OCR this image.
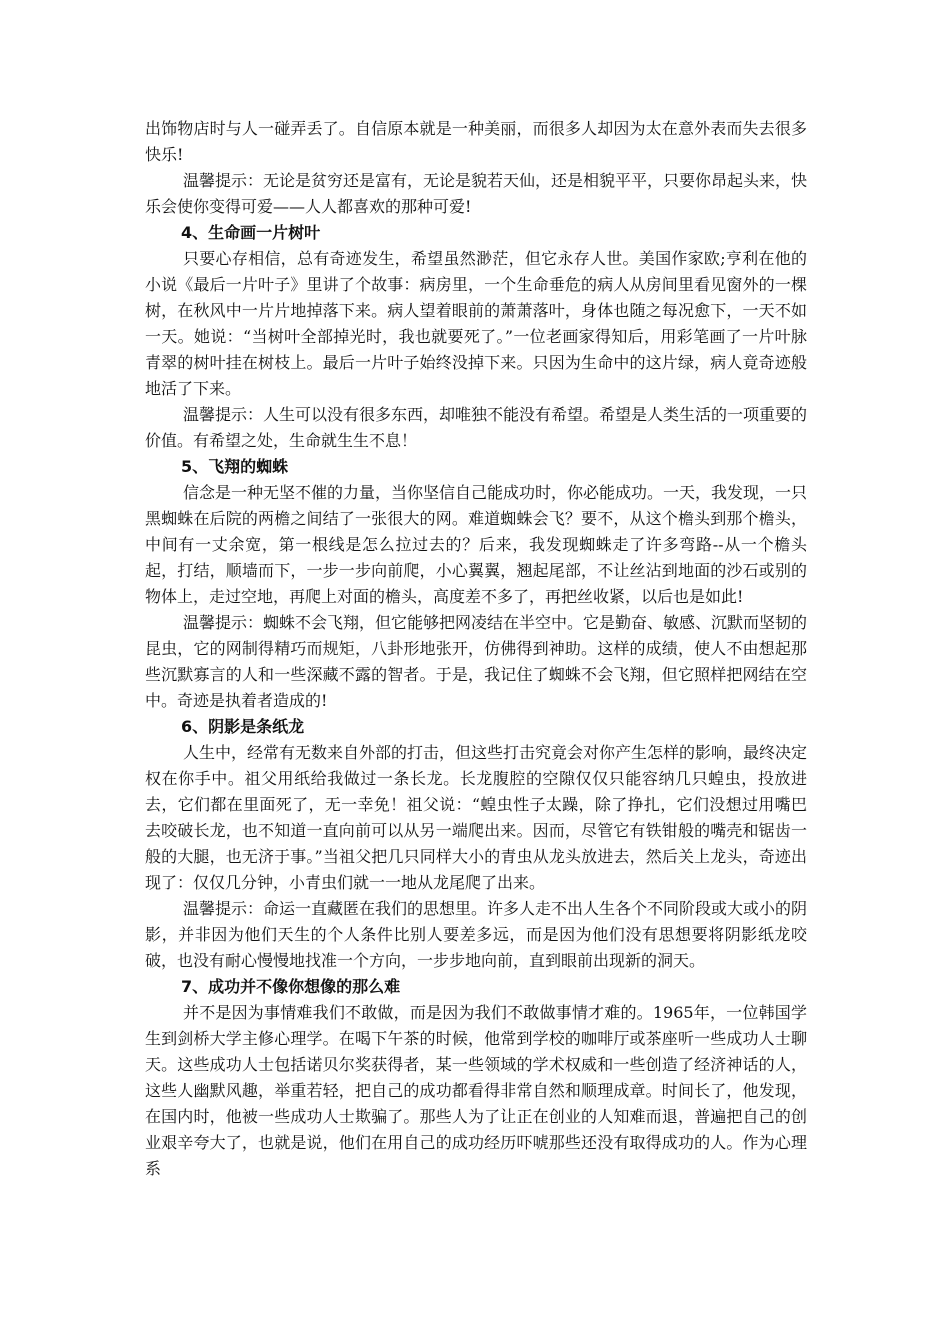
出饰物店时与人一碰弄丢了。自信原本就是一种美丽，而很多人却因为太在意外表而失去很多快乐!

温馨提示：无论是贫穷还是富有，无论是貌若天仙，还是相貌平平，只要你昂起头来，快乐会使你变得可爱——人人都喜欢的那种可爱!

4、生命画一片树叶

只要心存相信，总有奇迹发生，希望虽然渺茫，但它永存人世。美国作家欧;亨利在他的小说《最后一片叶子》里讲了个故事：病房里，一个生命垂危的病人从房间里看见窗外的一棵树，在秋风中一片片地掉落下来。病人望着眼前的萧萧落叶，身体也随之每况愈下，一天不如一天。她说：“当树叶全部掉光时，我也就要死了。”一位老画家得知后，用彩笔画了一片叶脉青翠的树叶挂在树枝上。最后一片叶子始终没掉下来。只因为生命中的这片绿，病人竟奇迹般地活了下来。

温馨提示：人生可以没有很多东西，却唯独不能没有希望。希望是人类生活的一项重要的价值。有希望之处，生命就生生不息！

5、飞翔的蜘蛛

信念是一种无坚不催的力量，当你坚信自己能成功时，你必能成功。一天，我发现，一只黑蜘蛛在后院的两檐之间结了一张很大的网。难道蜘蛛会飞？要不，从这个檐头到那个檐头，中间有一丈余宽，第一根线是怎么拉过去的？后来，我发现蜘蛛走了许多弯路--从一个檐头起，打结，顺墙而下，一步一步向前爬，小心翼翼，翘起尾部，不让丝沾到地面的沙石或别的物体上，走过空地，再爬上对面的檐头，高度差不多了，再把丝收紧，以后也是如此!

温馨提示：蜘蛛不会飞翔，但它能够把网凌结在半空中。它是勤奋、敏感、沉默而坚韧的昆虫，它的网制得精巧而规矩，八卦形地张开，仿佛得到神助。这样的成绩，使人不由想起那些沉默寡言的人和一些深藏不露的智者。于是，我记住了蜘蛛不会飞翔，但它照样把网结在空中。奇迹是执着者造成的!

6、阴影是条纸龙

人生中，经常有无数来自外部的打击，但这些打击究竟会对你产生怎样的影响，最终决定权在你手中。祖父用纸给我做过一条长龙。长龙腹腔的空隙仅仅只能容纳几只蝗虫，投放进去，它们都在里面死了，无一幸免！祖父说：“蝗虫性子太躁，除了挣扎，它们没想过用嘴巴去咬破长龙，也不知道一直向前可以从另一端爬出来。因而，尽管它有铁钳般的嘴壳和锯齿一般的大腿，也无济于事。”当祖父把几只同样大小的青虫从龙头放进去，然后关上龙头，奇迹出现了：仅仅几分钟，小青虫们就一一地从龙尾爬了出来。

温馨提示：命运一直藏匿在我们的思想里。许多人走不出人生各个不同阶段或大或小的阴影，并非因为他们天生的个人条件比别人要差多远，而是因为他们没有思想要将阴影纸龙咬破，也没有耐心慢慢地找准一个方向，一步步地向前，直到眼前出现新的洞天。

7、成功并不像你想像的那么难

并不是因为事情难我们不敢做，而是因为我们不敢做事情才难的。1965年，一位韩国学生到剑桥大学主修心理学。在喝下午茶的时候，他常到学校的咖啡厅或茶座听一些成功人士聊天。这些成功人士包括诺贝尔奖获得者，某一些领域的学术权威和一些创造了经济神话的人，这些人幽默风趣，举重若轻，把自己的成功都看得非常自然和顺理成章。时间长了，他发现，在国内时，他被一些成功人士欺骗了。那些人为了让正在创业的人知难而退，普遍把自己的创业艰辛夸大了，也就是说，他们在用自己的成功经历吓唬那些还没有取得成功的人。作为心理系
